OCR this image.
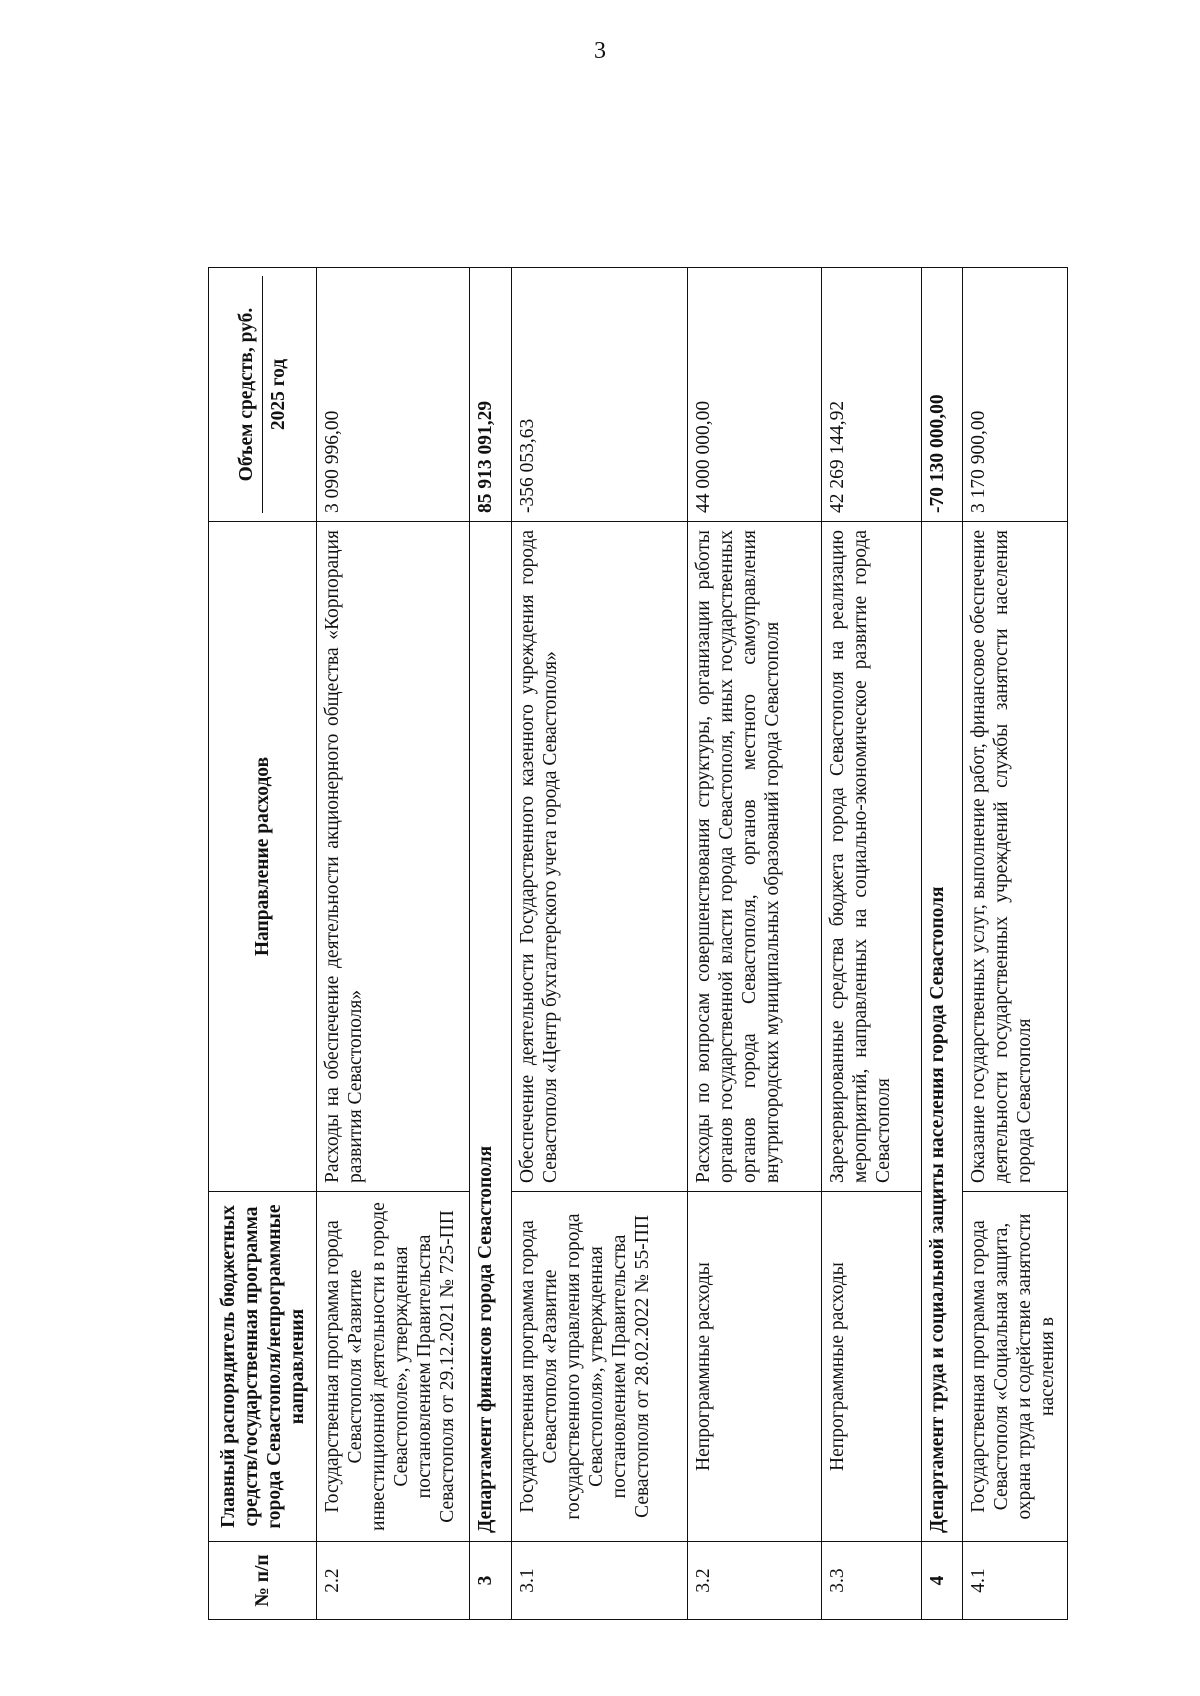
3
№ п/п	Главный распорядитель бюджетных средств/государственная программа города Севастополя/непрограммные направления	Направление расходов	Объем средств, руб. 2025 год

2.2	Государственная программа города Севастополя «Развитие инвестиционной деятельности в городе Севастополе», утвержденная постановлением Правительства Севастополя от 29.12.2021 № 725-ПП	Расходы на обеспечение деятельности акционерного общества «Корпорация развития Севастополя»	3 090 996,00
3	Департамент финансов города Севастополя		85 913 091,29
3.1	Государственная программа города Севастополя «Развитие государственного управления города Севастополя», утвержденная постановлением Правительства Севастополя от 28.02.2022 № 55-ПП	Обеспечение деятельности Государственного казенного учреждения города Севастополя «Центр бухгалтерского учета города Севастополя»	-356 053,63
3.2	Непрограммные расходы	Расходы по вопросам совершенствования структуры, организации работы органов государственной власти города Севастополя, иных государственных органов города Севастополя, органов местного самоуправления внутригородских муниципальных образований города Севастополя	44 000 000,00
3.3	Непрограммные расходы	Зарезервированные средства бюджета города Севастополя на реализацию мероприятий, направленных на социально-экономическое развитие города Севастополя	42 269 144,92
4	Департамент труда и социальной защиты населения города Севастополя		-70 130 000,00
4.1	Государственная программа города Севастополя «Социальная защита, охрана труда и содействие занятости населения в	Оказание государственных услуг, выполнение работ, финансовое обеспечение деятельности государственных учреждений службы занятости населения города Севастополя	3 170 900,00
